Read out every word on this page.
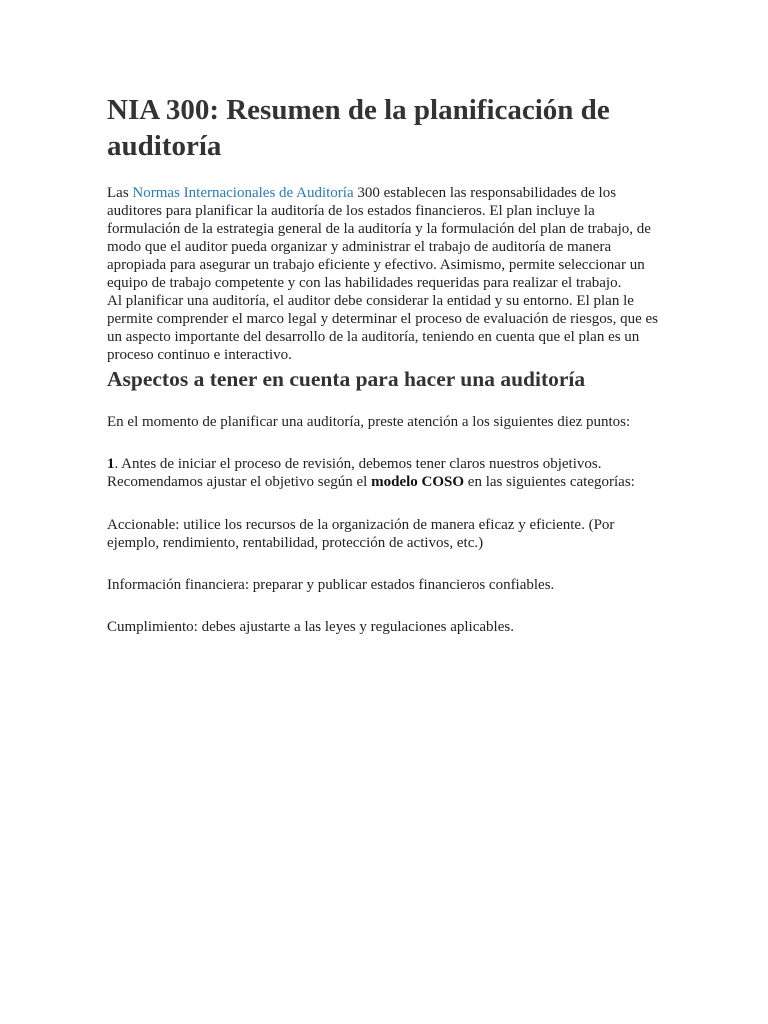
NIA 300: Resumen de la planificación de auditoría

Las Normas Internacionales de Auditoría 300 establecen las responsabilidades de los auditores para planificar la auditoría de los estados financieros. El plan incluye la formulación de la estrategia general de la auditoría y la formulación del plan de trabajo, de modo que el auditor pueda organizar y administrar el trabajo de auditoría de manera apropiada para asegurar un trabajo eficiente y efectivo. Asimismo, permite seleccionar un equipo de trabajo competente y con las habilidades requeridas para realizar el trabajo.

Al planificar una auditoría, el auditor debe considerar la entidad y su entorno. El plan le permite comprender el marco legal y determinar el proceso de evaluación de riesgos, que es un aspecto importante del desarrollo de la auditoría, teniendo en cuenta que el plan es un proceso continuo e interactivo.

Aspectos a tener en cuenta para hacer una auditoría

En el momento de planificar una auditoría, preste atención a los siguientes diez puntos:

1. Antes de iniciar el proceso de revisión, debemos tener claros nuestros objetivos. Recomendamos ajustar el objetivo según el modelo COSO en las siguientes categorías:

Accionable: utilice los recursos de la organización de manera eficaz y eficiente. (Por ejemplo, rendimiento, rentabilidad, protección de activos, etc.)

Información financiera: preparar y publicar estados financieros confiables.

Cumplimiento: debes ajustarte a las leyes y regulaciones aplicables.
